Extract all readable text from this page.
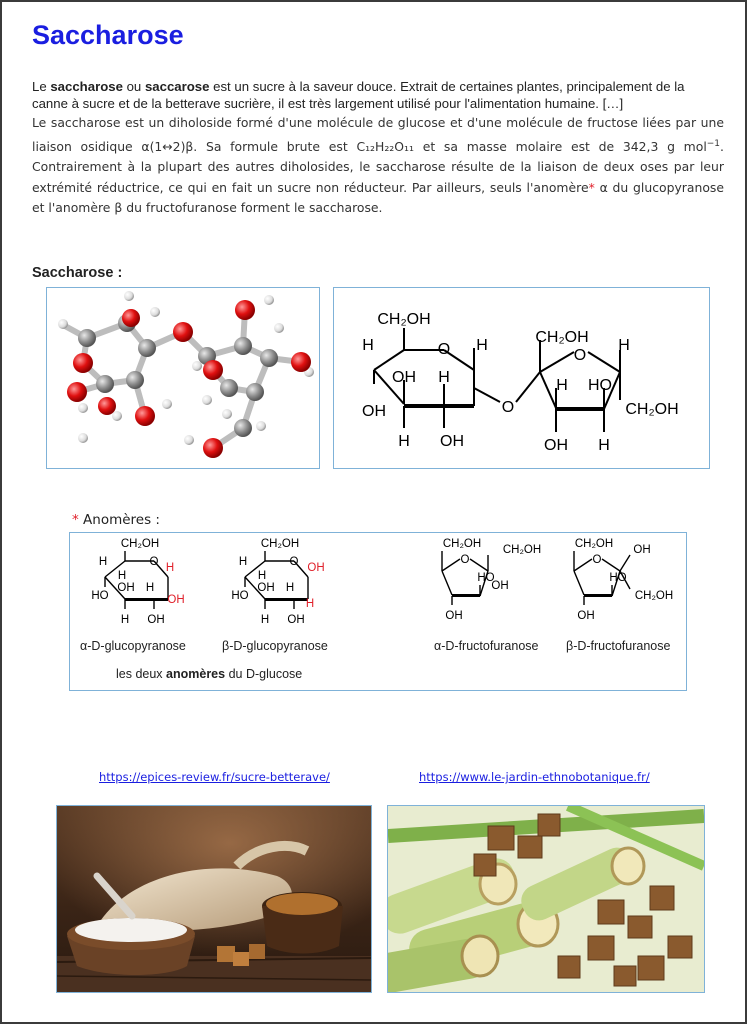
Saccharose
Le saccharose ou saccarose est un sucre à la saveur douce. Extrait de certaines plantes, principalement de la canne à sucre et de la betterave sucrière, il est très largement utilisé pour l'alimentation humaine. […]
Le saccharose est un diholoside formé d'une molécule de glucose et d'une molécule de fructose liées par une liaison osidique α(1↔2)β. Sa formule brute est C₁₂H₂₂O₁₁ et sa masse molaire est de 342,3 g mol$^{-1}$. Contrairement à la plupart des autres diholosides, le saccharose résulte de la liaison de deux oses par leur extrémité réductrice, ce qui en fait un sucre non réducteur. Par ailleurs, seuls l'anomère* α du glucopyranose et l'anomère β du fructofuranose forment le saccharose.
Saccharose :
CH₂OH
O
H	H
OH H
OH
H OH
O
CH₂OH
O
H
H HO
CH₂OH
OH H
* Anomères :
CH₂OH
O
H
H
OH H
H
OH
HO
H OH
CH₂OH
O
H
H
OH H
OH
H
HO
H OH
CH₂OH
O
CH₂OH
HO
OH
OH
CH₂OH
O
OH
HO
CH₂OH
OH
α-D-glucopyranose	β-D-glucopyranose	α-D-fructofuranose β-D-fructofuranose
les deux anomères du D-glucose
https://epices-review.fr/sucre-betterave/	https://www.le-jardin-ethnobotanique.fr/
